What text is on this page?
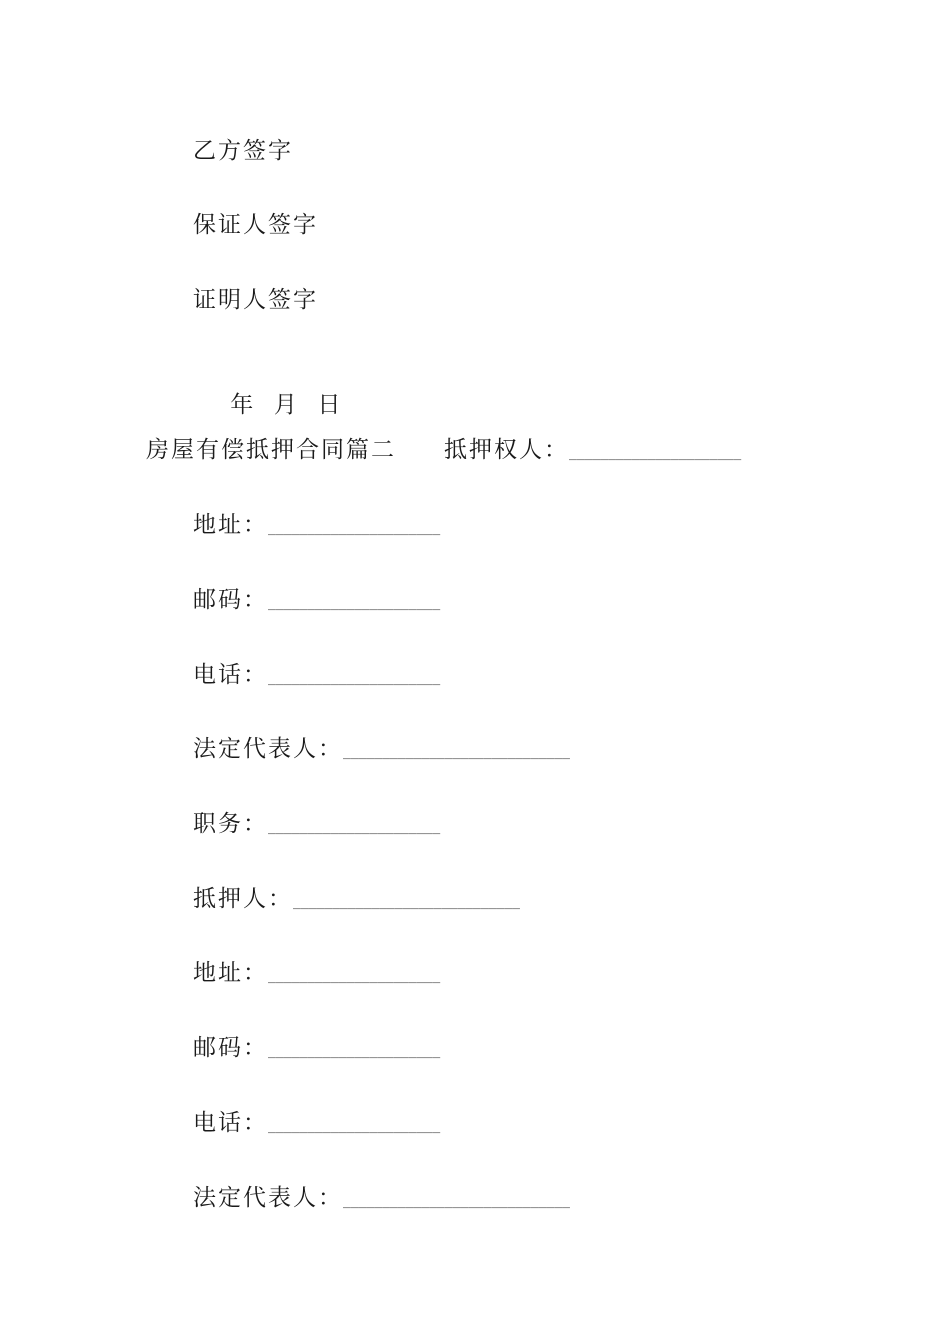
乙方签字
保证人签字
证明人签字

年  月  日

房屋有偿抵押合同篇二 抵押权人：______________________
地址：______________________
邮码：______________________
电话：______________________
法定代表人：_____________________________
职务：______________________
抵押人：_____________________________
地址：______________________
邮码：______________________
电话：______________________
法定代表人：_____________________________
